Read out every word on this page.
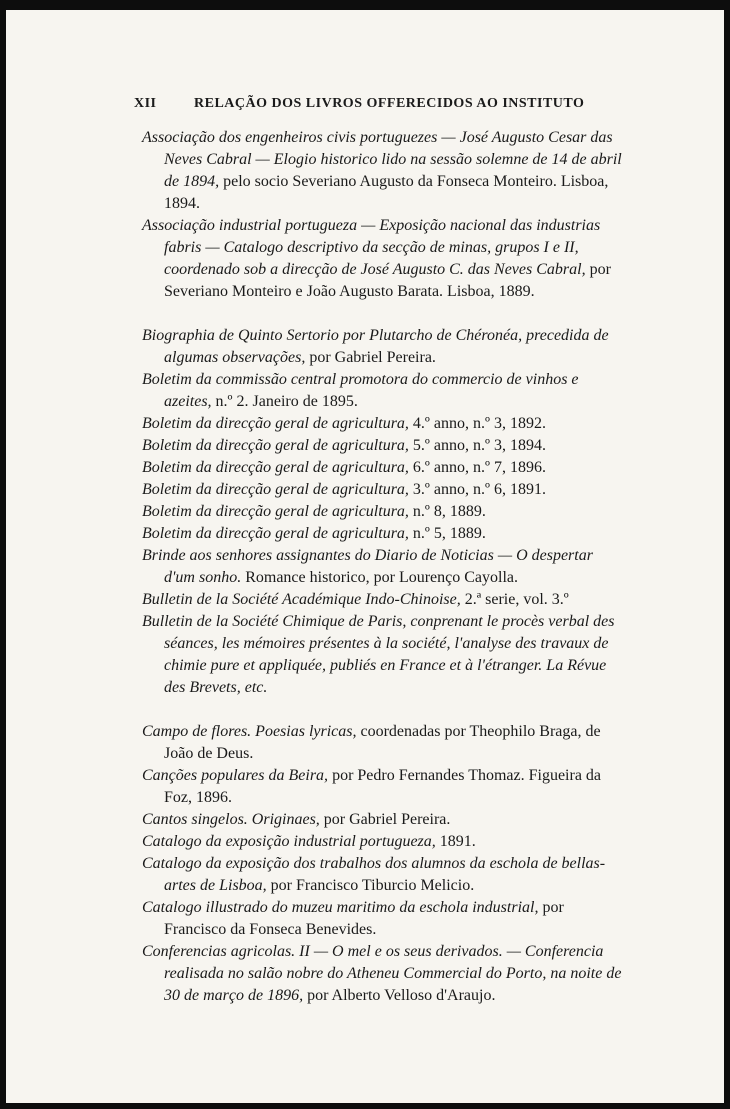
XII	RELAÇÃO DOS LIVROS OFFERECIDOS AO INSTITUTO

Associação dos engenheiros civis portuguezes — José Augusto Cesar das Neves Cabral — Elogio historico lido na sessão solemne de 14 de abril de 1894, pelo socio Severiano Augusto da Fonseca Monteiro. Lisboa, 1894.

Associação industrial portugueza — Exposição nacional das industrias fabris — Catalogo descriptivo da secção de minas, grupos I e II, coordenado sob a direcção de José Augusto C. das Neves Cabral, por Severiano Monteiro e João Augusto Barata. Lisboa, 1889.

Biographia de Quinto Sertorio por Plutarcho de Chéronéa, precedida de algumas observações, por Gabriel Pereira.

Boletim da commissão central promotora do commercio de vinhos e azeites, n.º 2. Janeiro de 1895.

Boletim da direcção geral de agricultura, 4.º anno, n.º 3, 1892.

Boletim da direcção geral de agricultura, 5.º anno, n.º 3, 1894.

Boletim da direcção geral de agricultura, 6.º anno, n.º 7, 1896.

Boletim da direcção geral de agricultura, 3.º anno, n.º 6, 1891.

Boletim da direcção geral de agricultura, n.º 8, 1889.

Boletim da direcção geral de agricultura, n.º 5, 1889.

Brinde aos senhores assignantes do Diario de Noticias — O despertar d'um sonho. Romance historico, por Lourenço Cayolla.

Bulletin de la Société Académique Indo-Chinoise, 2.ª serie, vol. 3.º

Bulletin de la Société Chimique de Paris, conprenant le procès verbal des séances, les mémoires présentes à la société, l'analyse des travaux de chimie pure et appliquée, publiés en France et à l'étranger. La Révue des Brevets, etc.

Campo de flores. Poesias lyricas, coordenadas por Theophilo Braga, de João de Deus.

Canções populares da Beira, por Pedro Fernandes Thomaz. Figueira da Foz, 1896.

Cantos singelos. Originaes, por Gabriel Pereira.

Catalogo da exposição industrial portugueza, 1891.

Catalogo da exposição dos trabalhos dos alumnos da escholа de bellas-artes de Lisboa, por Francisco Tiburcio Melicio.

Catalogo illustrado do muzeu maritimo da eschola industrial, por Francisco da Fonseca Benevides.

Conferencias agricolas. II — O mel e os seus derivados. — Conferencia realisada no salão nobre do Atheneu Commercial do Porto, na noite de 30 de março de 1896, por Alberto Velloso d'Araujo.
